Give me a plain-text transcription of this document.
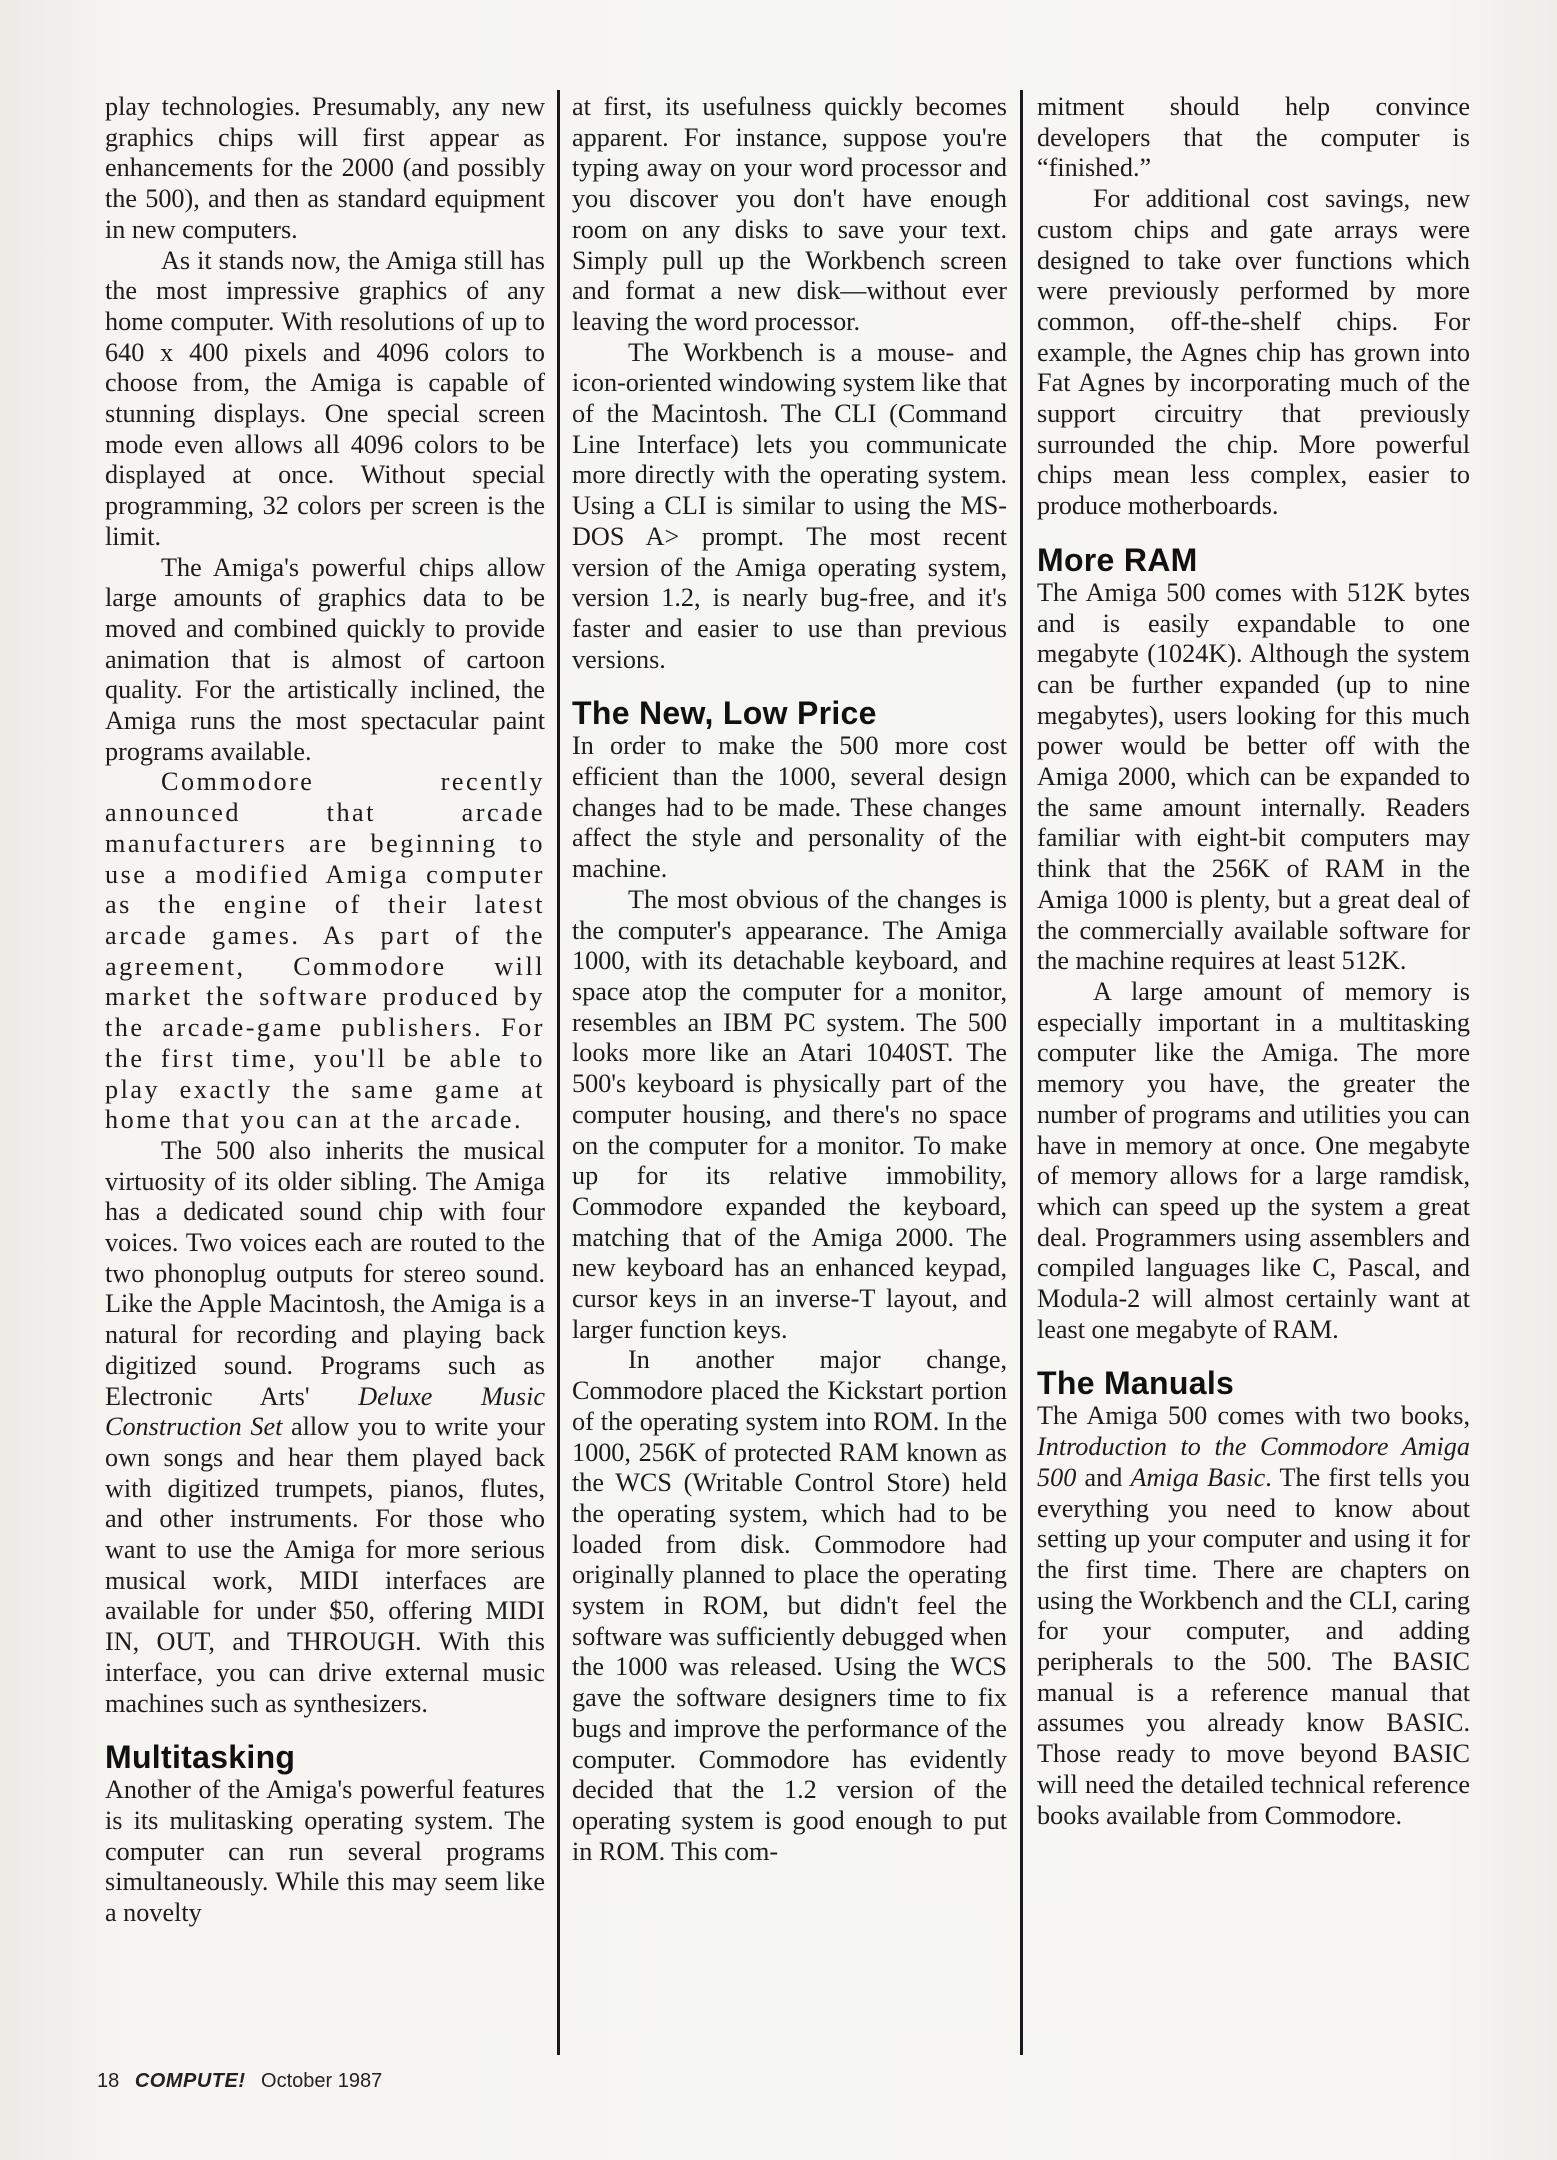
play technologies. Presumably, any new graphics chips will first appear as enhancements for the 2000 (and possibly the 500), and then as standard equipment in new computers.

As it stands now, the Amiga still has the most impressive graphics of any home computer. With resolutions of up to 640 x 400 pixels and 4096 colors to choose from, the Amiga is capable of stunning displays. One special screen mode even allows all 4096 colors to be displayed at once. Without special programming, 32 colors per screen is the limit.

The Amiga's powerful chips allow large amounts of graphics data to be moved and combined quickly to provide animation that is almost of cartoon quality. For the artistically inclined, the Amiga runs the most spectacular paint programs available.

Commodore recently announced that arcade manufacturers are beginning to use a modified Amiga computer as the engine of their latest arcade games. As part of the agreement, Commodore will market the software produced by the arcade-game publishers. For the first time, you'll be able to play exactly the same game at home that you can at the arcade.

The 500 also inherits the musical virtuosity of its older sibling. The Amiga has a dedicated sound chip with four voices. Two voices each are routed to the two phonoplug outputs for stereo sound. Like the Apple Macintosh, the Amiga is a natural for recording and playing back digitized sound. Programs such as Electronic Arts' Deluxe Music Construction Set allow you to write your own songs and hear them played back with digitized trumpets, pianos, flutes, and other instruments. For those who want to use the Amiga for more serious musical work, MIDI interfaces are available for under $50, offering MIDI IN, OUT, and THROUGH. With this interface, you can drive external music machines such as synthesizers.

Multitasking

Another of the Amiga's powerful features is its mulitasking operating system. The computer can run several programs simultaneously. While this may seem like a novelty

at first, its usefulness quickly becomes apparent. For instance, suppose you're typing away on your word processor and you discover you don't have enough room on any disks to save your text. Simply pull up the Workbench screen and format a new disk—without ever leaving the word processor.

The Workbench is a mouse- and icon-oriented windowing system like that of the Macintosh. The CLI (Command Line Interface) lets you communicate more directly with the operating system. Using a CLI is similar to using the MS-DOS A> prompt. The most recent version of the Amiga operating system, version 1.2, is nearly bug-free, and it's faster and easier to use than previous versions.

The New, Low Price

In order to make the 500 more cost efficient than the 1000, several design changes had to be made. These changes affect the style and personality of the machine.

The most obvious of the changes is the computer's appearance. The Amiga 1000, with its detachable keyboard, and space atop the computer for a monitor, resembles an IBM PC system. The 500 looks more like an Atari 1040ST. The 500's keyboard is physically part of the computer housing, and there's no space on the computer for a monitor. To make up for its relative immobility, Commodore expanded the keyboard, matching that of the Amiga 2000. The new keyboard has an enhanced keypad, cursor keys in an inverse-T layout, and larger function keys.

In another major change, Commodore placed the Kickstart portion of the operating system into ROM. In the 1000, 256K of protected RAM known as the WCS (Writable Control Store) held the operating system, which had to be loaded from disk. Commodore had originally planned to place the operating system in ROM, but didn't feel the software was sufficiently debugged when the 1000 was released. Using the WCS gave the software designers time to fix bugs and improve the performance of the computer. Commodore has evidently decided that the 1.2 version of the operating system is good enough to put in ROM. This com-

mitment should help convince developers that the computer is “finished.”

For additional cost savings, new custom chips and gate arrays were designed to take over functions which were previously performed by more common, off-the-shelf chips. For example, the Agnes chip has grown into Fat Agnes by incorporating much of the support circuitry that previously surrounded the chip. More powerful chips mean less complex, easier to produce motherboards.

More RAM

The Amiga 500 comes with 512K bytes and is easily expandable to one megabyte (1024K). Although the system can be further expanded (up to nine megabytes), users looking for this much power would be better off with the Amiga 2000, which can be expanded to the same amount internally. Readers familiar with eight-bit computers may think that the 256K of RAM in the Amiga 1000 is plenty, but a great deal of the commercially available software for the machine requires at least 512K.

A large amount of memory is especially important in a multitasking computer like the Amiga. The more memory you have, the greater the number of programs and utilities you can have in memory at once. One megabyte of memory allows for a large ramdisk, which can speed up the system a great deal. Programmers using assemblers and compiled languages like C, Pascal, and Modula-2 will almost certainly want at least one megabyte of RAM.

The Manuals

The Amiga 500 comes with two books, Introduction to the Commodore Amiga 500 and Amiga Basic. The first tells you everything you need to know about setting up your computer and using it for the first time. There are chapters on using the Workbench and the CLI, caring for your computer, and adding peripherals to the 500. The BASIC manual is a reference manual that assumes you already know BASIC. Those ready to move beyond BASIC will need the detailed technical reference books available from Commodore.

18 COMPUTE! October 1987
